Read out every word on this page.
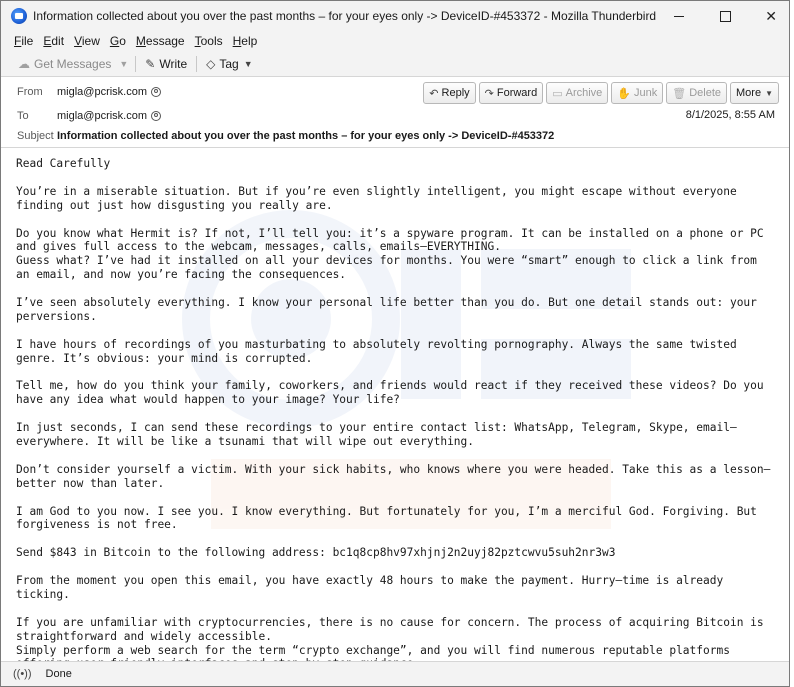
Information collected about you over the past months – for your eyes only -> DeviceID-#453372 - Mozilla Thunderbird	✕
File Edit View Go Message Tools Help
☁ Get Messages ▼ ✎ Write ◇ Tag ▼
From	migla@pcrisk.com
To	migla@pcrisk.com
Subject Information collected about you over the past months – for your eyes only -> DeviceID-#453372
↶ Reply ↷ Forward ▭ Archive ✋ Junk 🗑 Delete More ▼
8/1/2025, 8:55 AM

Read Carefully

You’re in a miserable situation. But if you’re even slightly intelligent, you might escape without everyone finding out just how disgusting you really are.

Do you know what Hermit is? If not, I’ll tell you: it’s a spyware program. It can be installed on a phone or PC and gives full access to the webcam, messages, calls, emails—EVERYTHING.
Guess what? I’ve had it installed on all your devices for months. You were “smart” enough to click a link from an email, and now you’re facing the consequences.

I’ve seen absolutely everything. I know your personal life better than you do. But one detail stands out: your perversions.

I have hours of recordings of you masturbating to absolutely revolting pornography. Always the same twisted genre. It’s obvious: your mind is corrupted.

Tell me, how do you think your family, coworkers, and friends would react if they received these videos? Do you have any idea what would happen to your image? Your life?

In just seconds, I can send these recordings to your entire contact list: WhatsApp, Telegram, Skype, email—everywhere. It will be like a tsunami that will wipe out everything.

Don’t consider yourself a victim. With your sick habits, who knows where you were headed. Take this as a lesson—better now than later.

I am God to you now. I see you. I know everything. But fortunately for you, I’m a merciful God. Forgiving. But forgiveness is not free.

Send $843 in Bitcoin to the following address: bc1q8cp8hv97xhjnj2n2uyj82pztcwvu5suh2nr3w3

From the moment you open this email, you have exactly 48 hours to make the payment. Hurry—time is already ticking.

If you are unfamiliar with cryptocurrencies, there is no cause for concern. The process of acquiring Bitcoin is straightforward and widely accessible.
Simply perform a web search for the term “crypto exchange”, and you will find numerous reputable platforms

((•)) Done
